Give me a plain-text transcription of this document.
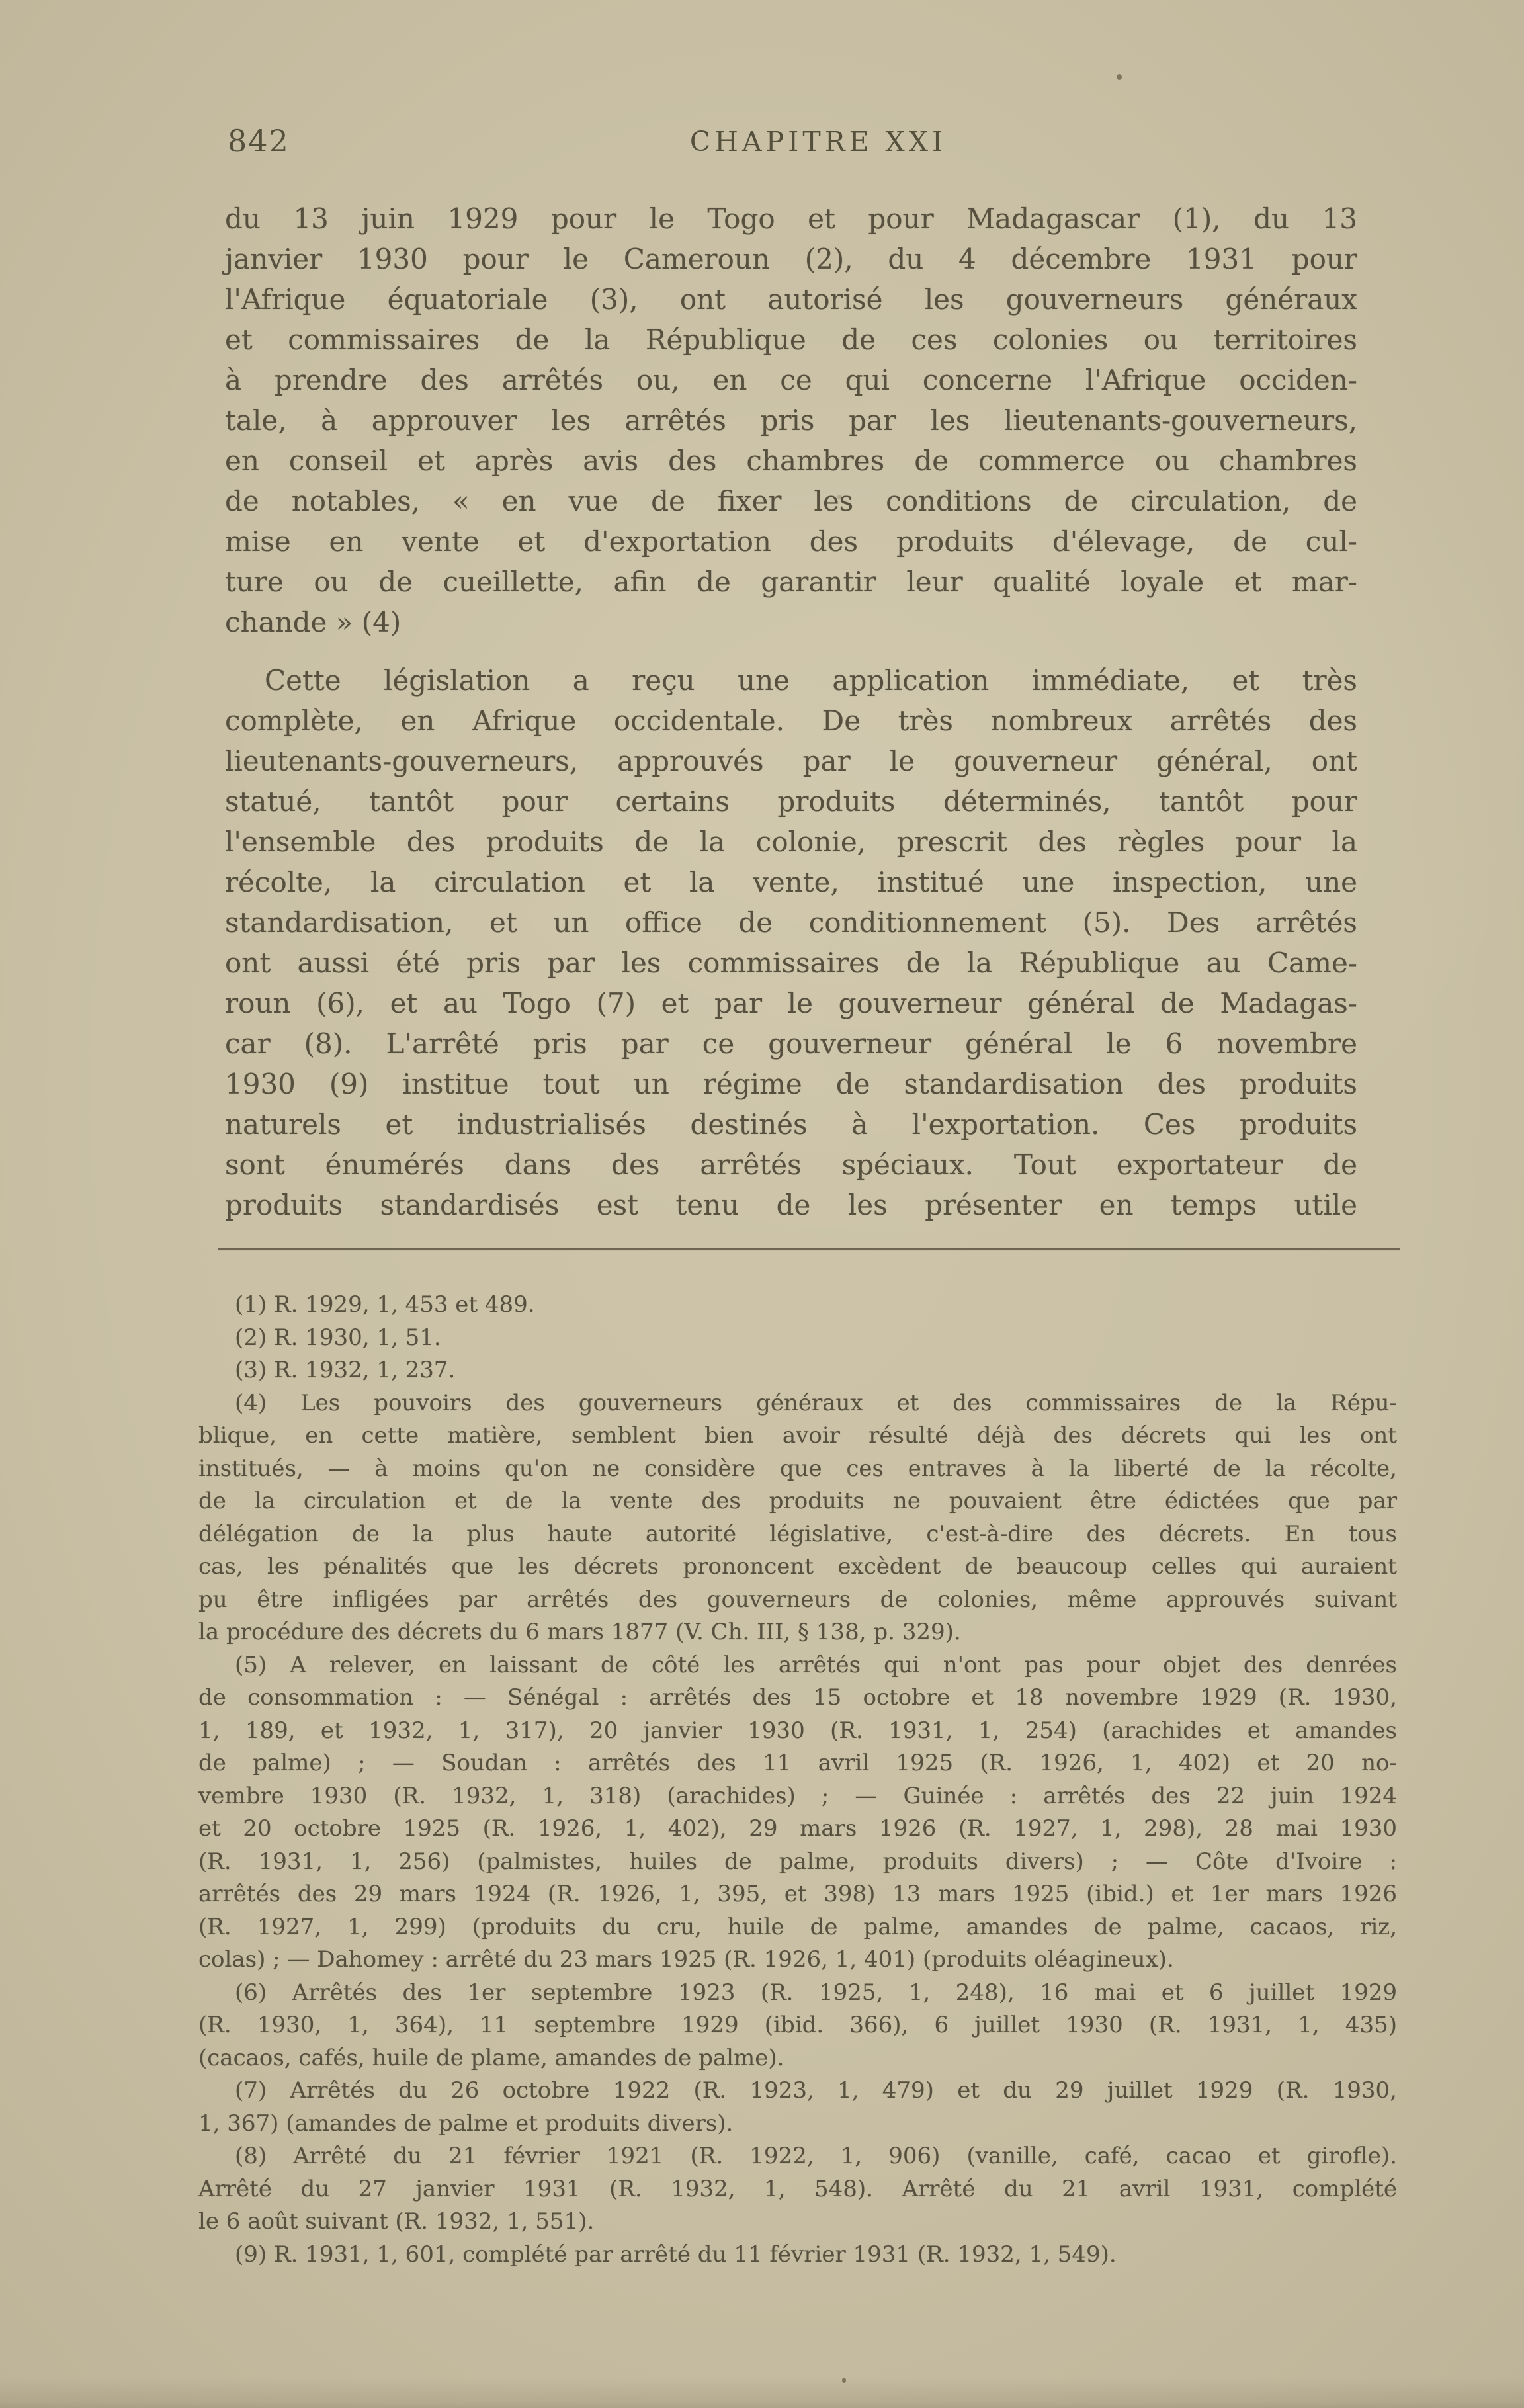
842	CHAPITRE XXI
du 13 juin 1929 pour le Togo et pour Madagascar (1), du 13
janvier 1930 pour le Cameroun (2), du 4 décembre 1931 pour
l'Afrique équatoriale (3), ont autorisé les gouverneurs généraux
et commissaires de la République de ces colonies ou territoires
à prendre des arrêtés ou, en ce qui concerne l'Afrique occiden-
tale, à approuver les arrêtés pris par les lieutenants-gouverneurs,
en conseil et après avis des chambres de commerce ou chambres
de notables, « en vue de fixer les conditions de circulation, de
mise en vente et d'exportation des produits d'élevage, de cul-
ture ou de cueillette, afin de garantir leur qualité loyale et mar-
chande » (4)
Cette législation a reçu une application immédiate, et très
complète, en Afrique occidentale. De très nombreux arrêtés des
lieutenants-gouverneurs, approuvés par le gouverneur général, ont
statué, tantôt pour certains produits déterminés, tantôt pour
l'ensemble des produits de la colonie, prescrit des règles pour la
récolte, la circulation et la vente, institué une inspection, une
standardisation, et un office de conditionnement (5). Des arrêtés
ont aussi été pris par les commissaires de la République au Came-
roun (6), et au Togo (7) et par le gouverneur général de Madagas-
car (8). L'arrêté pris par ce gouverneur général le 6 novembre
1930 (9) institue tout un régime de standardisation des produits
naturels et industrialisés destinés à l'exportation. Ces produits
sont énumérés dans des arrêtés spéciaux. Tout exportateur de
produits standardisés est tenu de les présenter en temps utile
(1) R. 1929, 1, 453 et 489.
(2) R. 1930, 1, 51.
(3) R. 1932, 1, 237.
(4) Les pouvoirs des gouverneurs généraux et des commissaires de la Répu-
blique, en cette matière, semblent bien avoir résulté déjà des décrets qui les ont
institués, — à moins qu'on ne considère que ces entraves à la liberté de la récolte,
de la circulation et de la vente des produits ne pouvaient être édictées que par
délégation de la plus haute autorité législative, c'est-à-dire des décrets. En tous
cas, les pénalités que les décrets prononcent excèdent de beaucoup celles qui auraient
pu être infligées par arrêtés des gouverneurs de colonies, même approuvés suivant
la procédure des décrets du 6 mars 1877 (V. Ch. III, § 138, p. 329).
(5) A relever, en laissant de côté les arrêtés qui n'ont pas pour objet des denrées
de consommation : — Sénégal : arrêtés des 15 octobre et 18 novembre 1929 (R. 1930,
1, 189, et 1932, 1, 317), 20 janvier 1930 (R. 1931, 1, 254) (arachides et amandes
de palme) ; — Soudan : arrêtés des 11 avril 1925 (R. 1926, 1, 402) et 20 no-
vembre 1930 (R. 1932, 1, 318) (arachides) ; — Guinée : arrêtés des 22 juin 1924
et 20 octobre 1925 (R. 1926, 1, 402), 29 mars 1926 (R. 1927, 1, 298), 28 mai 1930
(R. 1931, 1, 256) (palmistes, huiles de palme, produits divers) ; — Côte d'Ivoire :
arrêtés des 29 mars 1924 (R. 1926, 1, 395, et 398) 13 mars 1925 (ibid.) et 1er mars 1926
(R. 1927, 1, 299) (produits du cru, huile de palme, amandes de palme, cacaos, riz,
colas) ; — Dahomey : arrêté du 23 mars 1925 (R. 1926, 1, 401) (produits oléagineux).
(6) Arrêtés des 1er septembre 1923 (R. 1925, 1, 248), 16 mai et 6 juillet 1929
(R. 1930, 1, 364), 11 septembre 1929 (ibid. 366), 6 juillet 1930 (R. 1931, 1, 435)
(cacaos, cafés, huile de plame, amandes de palme).
(7) Arrêtés du 26 octobre 1922 (R. 1923, 1, 479) et du 29 juillet 1929 (R. 1930,
1, 367) (amandes de palme et produits divers).
(8) Arrêté du 21 février 1921 (R. 1922, 1, 906) (vanille, café, cacao et girofle).
Arrêté du 27 janvier 1931 (R. 1932, 1, 548). Arrêté du 21 avril 1931, complété
le 6 août suivant (R. 1932, 1, 551).
(9) R. 1931, 1, 601, complété par arrêté du 11 février 1931 (R. 1932, 1, 549).
